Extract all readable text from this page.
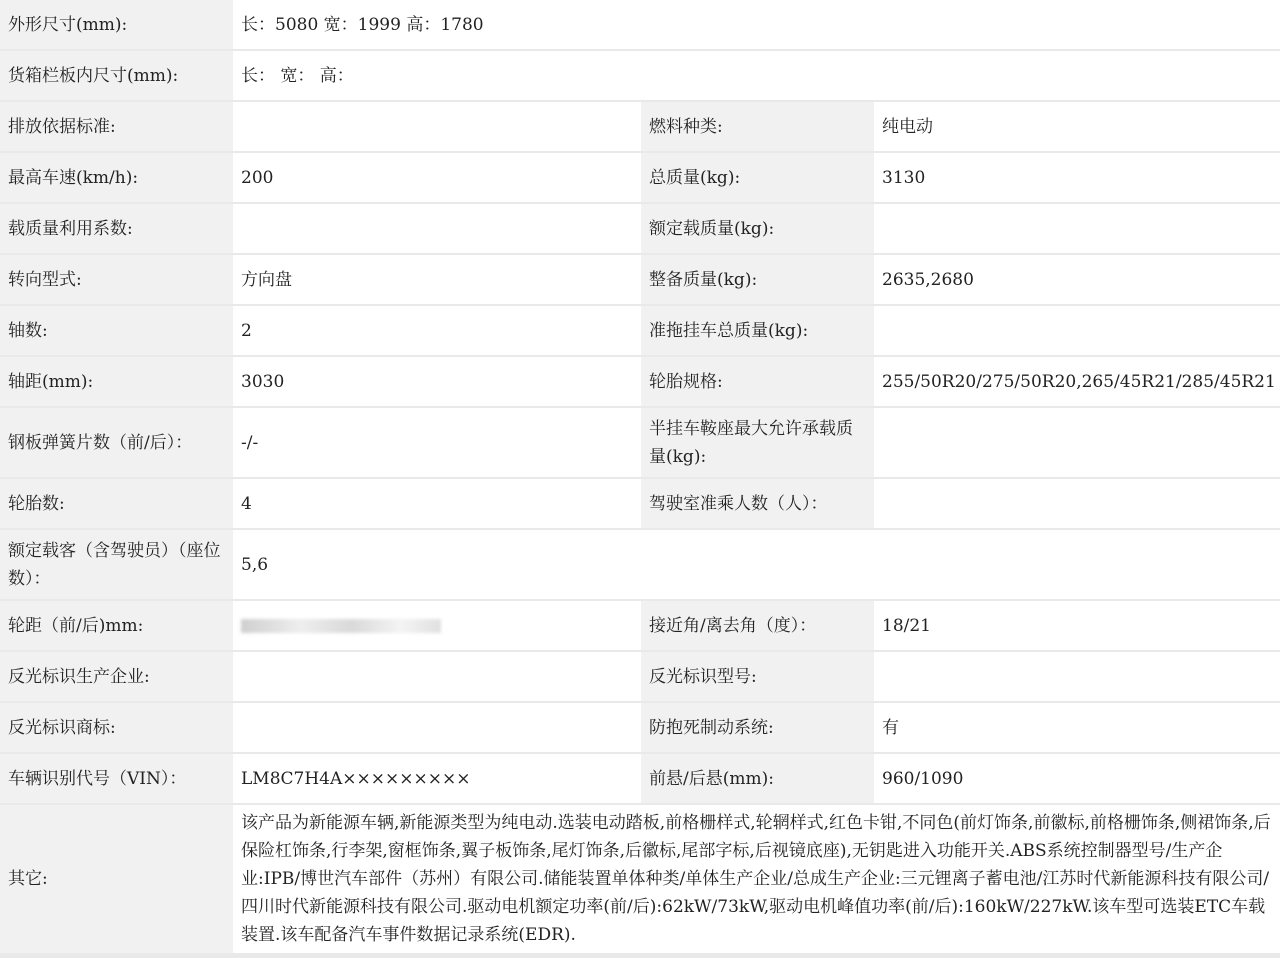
外形尺寸(mm):	长：5080 宽：1999 高：1780		
货箱栏板内尺寸(mm):	长： 宽： 高：		
排放依据标准:		燃料种类:	纯电动
最高车速(km/h):	200	总质量(kg):	3130
载质量利用系数:		额定载质量(kg):	
转向型式:	方向盘	整备质量(kg):	2635,2680
轴数:	2	准拖挂车总质量(kg):	
轴距(mm):	3030	轮胎规格:	255/50R20/275/50R20,265/45R21/285/45R21
钢板弹簧片数（前/后）：	-/-	半挂车鞍座最大允许承载质量(kg):	
轮胎数:	4	驾驶室准乘人数（人）：	
额定载客（含驾驶员）（座位数）：	5,6		
轮距（前/后)mm:		接近角/离去角（度）：	18/21
反光标识生产企业:		反光标识型号:	
反光标识商标:		防抱死制动系统:	有
车辆识别代号（VIN）：	LM8C7H4A×××××××××	前悬/后悬(mm):	960/1090
其它:	该产品为新能源车辆,新能源类型为纯电动.选装电动踏板,前格栅样式,轮辋样式,红色卡钳,不同色(前灯饰条,前徽标,前格栅饰条,侧裙饰条,后保险杠饰条,行李架,窗框饰条,翼子板饰条,尾灯饰条,后徽标,尾部字标,后视镜底座),无钥匙进入功能开关.ABS系统控制器型号/生产企业:IPB/博世汽车部件（苏州）有限公司.储能装置单体种类/单体生产企业/总成生产企业:三元锂离子蓄电池/江苏时代新能源科技有限公司/四川时代新能源科技有限公司.驱动电机额定功率(前/后):62kW/73kW,驱动电机峰值功率(前/后):160kW/227kW.该车型可选装ETC车载装置.该车配备汽车事件数据记录系统(EDR).		
